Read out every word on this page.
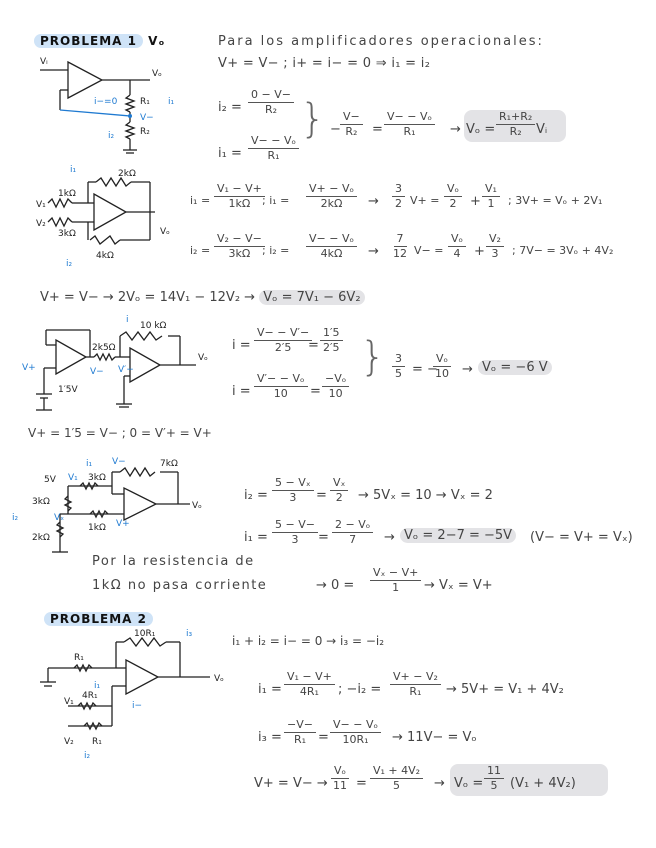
Vᵢ
Vₒ
R₁
R₂
i₁
i₂
i−=0
V−
2kΩ
1kΩ
3kΩ
4kΩ
V₁
V₂
Vₒ
i₁
i₂
10 kΩ
2k5Ω
1′5V
Vₒ
i
V− V′−
V+
5V	3kΩ
7kΩ
3kΩ
2kΩ
1kΩ
Vₒ
V₁
V−
Vₓ
V+
i₁
i₂
10R₁
R₁
4R₁
R₁
Vₒ
V₁
V₂
i₁
i₂
i₃
i−
PROBLEMA 1 Vₒ	Para los amplificadores operacionales:
V+ = V− ; i+ = i− = 0 ⇒ i₁ = i₂
$i_2 = \frac{0 - V-}{\text{R₂}}$
$i_1 = \frac{\text{V− − Vₒ}}{\text{R₁}}$
} − $\frac{V-}{\text{R₂}} = \frac{\text{V− − Vₒ}}{\text{R₁}} \to V_o = \frac{\text{R₁+R₂}}{\text{R₂}}$ Vᵢ
$i_1 = \frac{\text{V₁ − V+}}{1k\Omega}$
; $i_1 = \frac{\text{V+ − Vₒ}}{2k\Omega} \to \frac{3}{2} V+ = \frac{\text{Vₒ}}{2} + \frac{\text{V₁}}{1}$ ; 3V+ = Vₒ + 2V₁
$i_2 = \frac{\text{V₂ − V−}}{3k\Omega}$
; $i_2 = \frac{\text{V− − Vₒ}}{4k\Omega} \to \frac{7}{12} V- = \frac{\text{Vₒ}}{4} + \frac{\text{V₂}}{3}$ ; 7V− = 3Vₒ + 4V₂
V+ = V− → 2Vₒ = 14V₁ − 12V₂ → Vₒ = 7V₁ − 6V₂
$i = \frac{V- - V'-}{2'5}$
= $\frac{1'5}{2'5}$
$i = \frac{\text{V′− − Vₒ}}{10} = \frac{\text{−Vₒ}}{10}$
} $\frac{3}{5}$ = −
$\frac{\text{Vₒ}}{10} \to V_o = -6$ V
V+ = 1′5 = V− ; 0 = V′+ = V+
$i_2 = \frac{\text{5 − Vₓ}}{3} = \frac{\text{Vₓ}}{2} \to 5V_x = 10 \to V_x = 2$
$i_1 = \frac{5 - V-}{3} = \frac{\text{2 − Vₒ}}{7} \to V_o = 2-7 = -5V$	(V− = V+ = Vₓ)
Por la resistencia de
1kΩ no pasa corriente	→ $0 = \frac{\text{Vₓ − V+}}{1} \to V_x = V+$
PROBLEMA 2
i₁ + i₂ = i− = 0 → i₃ = −i₂
$i_1 = \frac{\text{V₁ − V+}}{\text{4R₁}}$ ; $-i_2 = \frac{\text{V+ − V₂}}{\text{R₁}} \to 5V+ = V_1 + 4V_2$
$i_3 = \frac{-V-}{\text{R₁}} = \frac{\text{V− − Vₒ}}{\text{10R₁}} \to 11V- = V_o$
$V+ = V- \to \frac{\text{Vₒ}}{11} = \frac{\text{V₁ + 4V₂}}{5} \to V_o = \frac{11}{5} (V_1 + 4V_2)$
